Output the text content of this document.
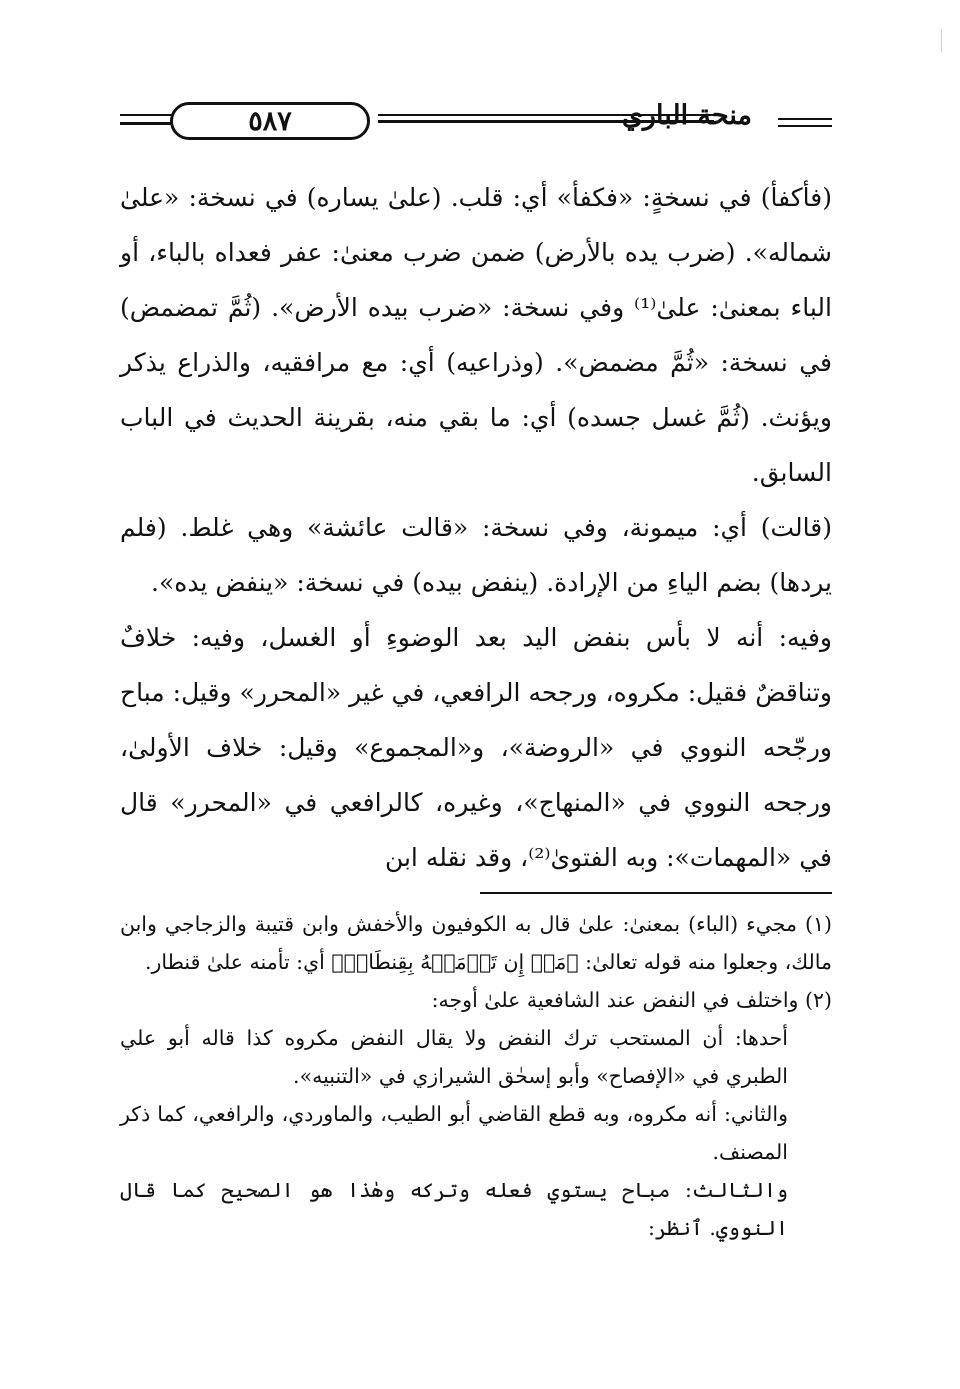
منحة الباري
٥٨٧

(فأكفأ) في نسخةٍ: «فكفأ» أي: قلب. (علىٰ يساره) في نسخة: «علىٰ شماله». (ضرب يده بالأرض) ضمن ضرب معنىٰ: عفر فعداه بالباء، أو الباء بمعنىٰ: علىٰ⁽¹⁾ وفي نسخة: «ضرب بيده الأرض». (ثُمَّ تمضمض) في نسخة: «ثُمَّ مضمض». (وذراعيه) أي: مع مرافقيه، والذراع يذكر ويؤنث. (ثُمَّ غسل جسده) أي: ما بقي منه، بقرينة الحديث في الباب السابق.

(قالت) أي: ميمونة، وفي نسخة: «قالت عائشة» وهي غلط. (فلم يردها) بضم الياءِ من الإرادة. (ينفض بيده) في نسخة: «ينفض يده».

وفيه: أنه لا بأس بنفض اليد بعد الوضوءِ أو الغسل، وفيه: خلافٌ وتناقضٌ فقيل: مكروه، ورجحه الرافعي، في غير «المحرر» وقيل: مباح ورجّحه النووي في «الروضة»، و«المجموع» وقيل: خلاف الأولىٰ، ورجحه النووي في «المنهاج»، وغيره، كالرافعي في «المحرر» قال في «المهمات»: وبه الفتوىٰ⁽²⁾، وقد نقله ابن

(١) مجيء (الباء) بمعنىٰ: علىٰ قال به الكوفيون والأخفش وابن قتيبة والزجاجي وابن مالك، وجعلوا منه قوله تعالىٰ: ﴿مَنۡ إِن تَأۡمَنۡهُ بِقِنطَارٖ﴾ أي: تأمنه علىٰ قنطار.

(٢) واختلف في النفض عند الشافعية علىٰ أوجه:

أحدها: أن المستحب ترك النفض ولا يقال النفض مكروه كذا قاله أبو علي الطبري في «الإفصاح» وأبو إسحٰق الشيرازي في «التنبيه».

والثاني: أنه مكروه، وبه قطع القاضي أبو الطيب، والماوردي، والرافعي، كما ذكر المصنف.

والثالث: مباح يستوي فعله وتركه وهٰذا هو الصحيح كما قال النووي. ٱنظر:
